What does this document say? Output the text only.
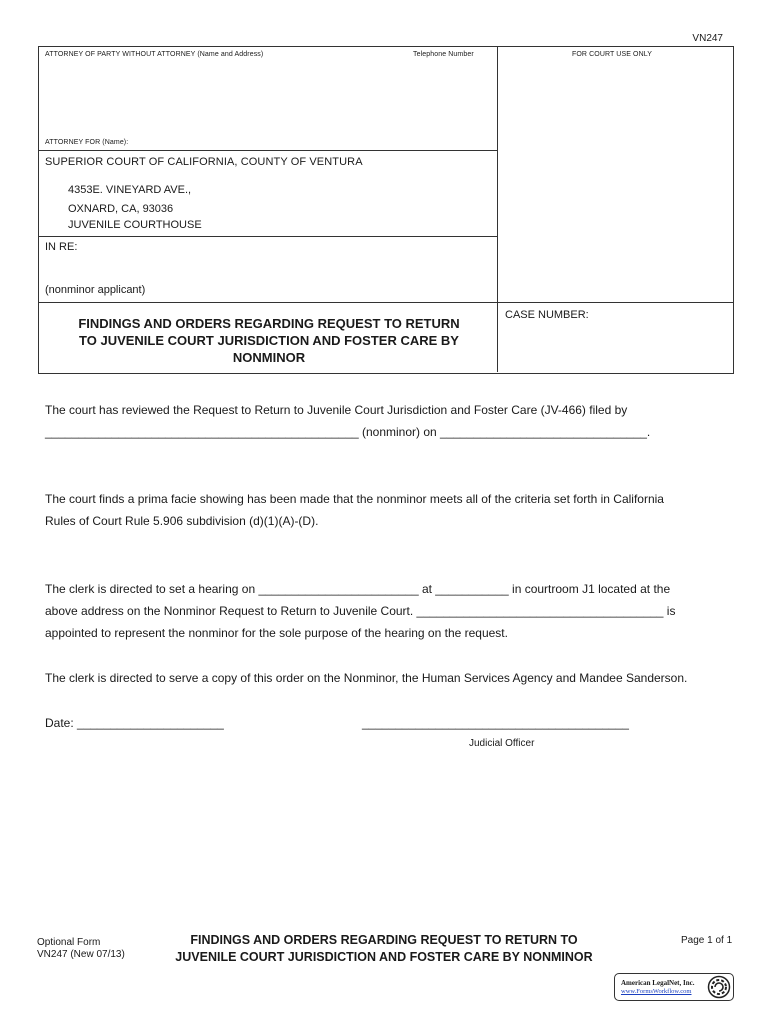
VN247
ATTORNEY OF PARTY WITHOUT ATTORNEY (Name and Address)	Telephone Number
ATTORNEY FOR (Name):
SUPERIOR COURT OF CALIFORNIA, COUNTY OF VENTURA
4353E. VINEYARD AVE.,
OXNARD, CA, 93036
JUVENILE COURTHOUSE
IN RE:
(nonminor applicant)
FOR COURT USE ONLY
CASE NUMBER:
FINDINGS AND ORDERS REGARDING REQUEST TO RETURN
TO JUVENILE COURT JURISDICTION AND FOSTER CARE BY
NONMINOR
The court has reviewed the Request to Return to Juvenile Court Jurisdiction and Foster Care (JV-466) filed by
_______________________________________________ (nonminor) on _______________________________.
The court finds a prima facie showing has been made that the nonminor meets all of the criteria set forth in California
Rules of Court Rule 5.906 subdivision (d)(1)(A)-(D).
The clerk is directed to set a hearing on ________________________ at ___________ in courtroom J1 located at the
above address on the Nonminor Request to Return to Juvenile Court. _____________________________________ is
appointed to represent the nonminor for the sole purpose of the hearing on the request.
The clerk is directed to serve a copy of this order on the Nonminor, the Human Services Agency and Mandee Sanderson.
Date: ______________________	________________________________________
Judicial Officer
Optional Form
VN247 (New 07/13)
FINDINGS AND ORDERS REGARDING REQUEST TO RETURN TO
JUVENILE COURT JURISDICTION AND FOSTER CARE BY NONMINOR
Page 1 of 1
American LegalNet, Inc.
www.FormsWorkflow.com
